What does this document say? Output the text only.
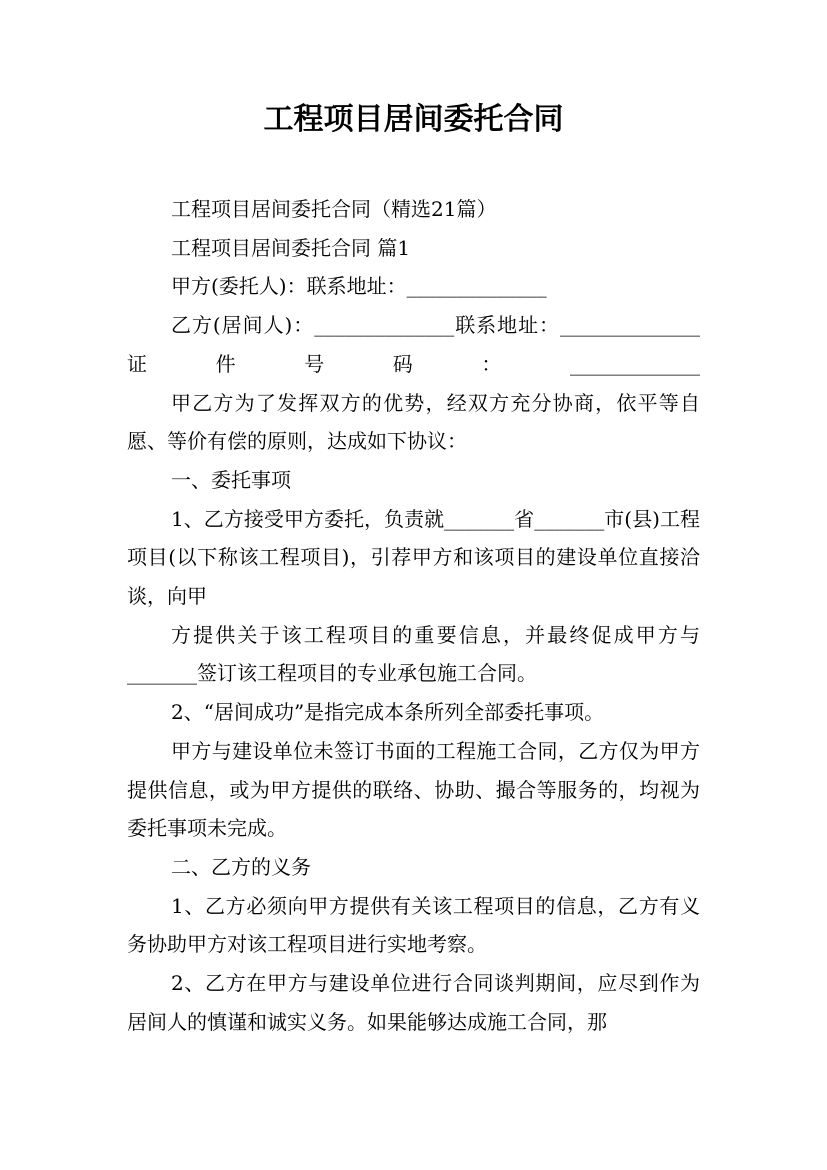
工程项目居间委托合同

工程项目居间委托合同（精选21篇）

工程项目居间委托合同 篇1

甲方(委托人)：联系地址：______________

乙方(居间人)：______________联系地址：______________证件号码：_____________

甲乙方为了发挥双方的优势，经双方充分协商，依平等自愿、等价有偿的原则，达成如下协议：

一、委托事项

1、乙方接受甲方委托，负责就_______省_______市(县)工程项目(以下称该工程项目)，引荐甲方和该项目的建设单位直接洽谈，向甲

方提供关于该工程项目的重要信息，并最终促成甲方与_______签订该工程项目的专业承包施工合同。

2、“居间成功”是指完成本条所列全部委托事项。

甲方与建设单位未签订书面的工程施工合同，乙方仅为甲方提供信息，或为甲方提供的联络、协助、撮合等服务的，均视为委托事项未完成。

二、乙方的义务

1、乙方必须向甲方提供有关该工程项目的信息，乙方有义务协助甲方对该工程项目进行实地考察。

2、乙方在甲方与建设单位进行合同谈判期间，应尽到作为居间人的慎谨和诚实义务。如果能够达成施工合同，那
